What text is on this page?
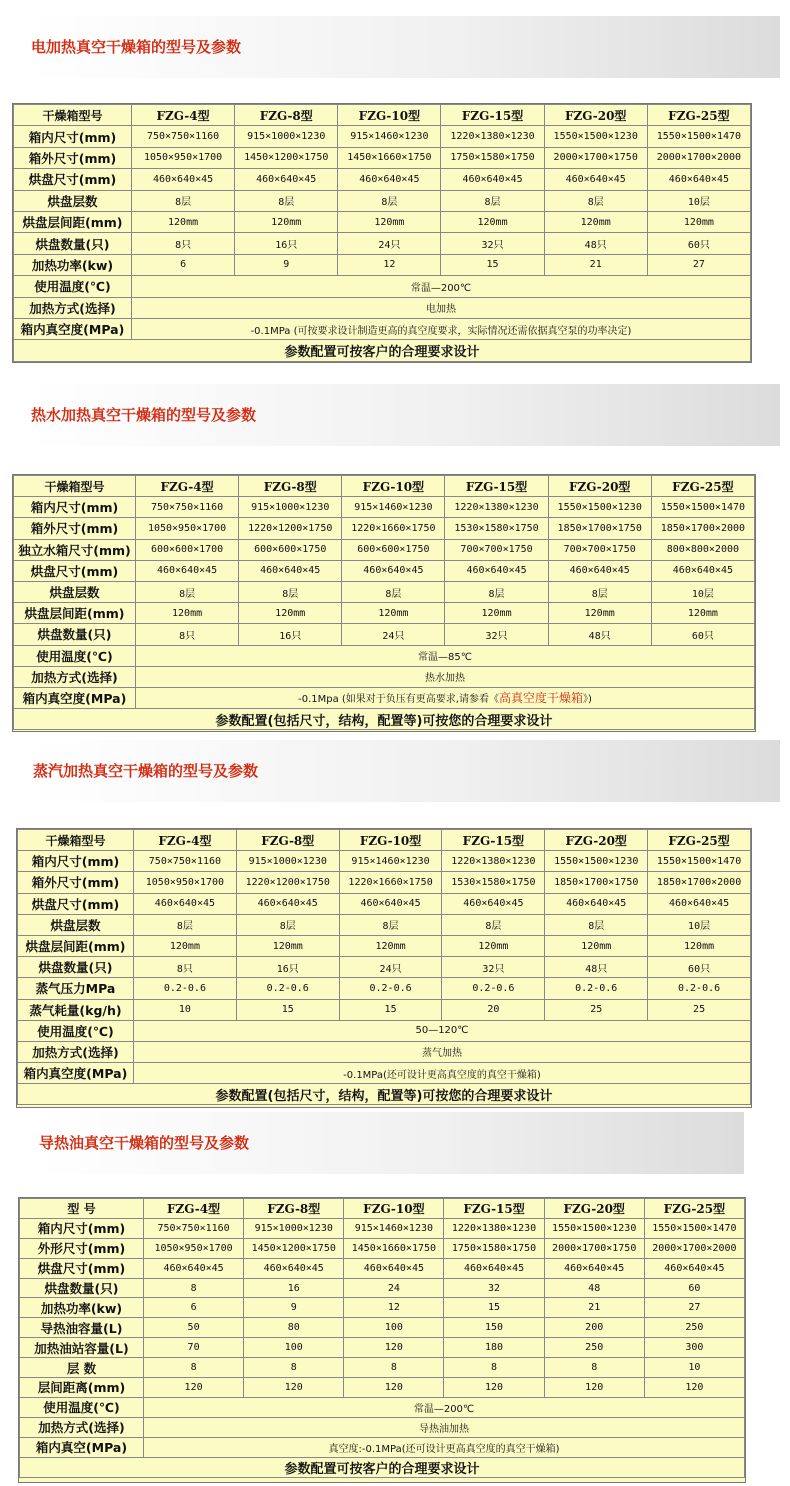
电加热真空干燥箱的型号及参数
干燥箱型号	FZG-4型	FZG-8型	FZG-10型	FZG-15型	FZG-20型	FZG-25型
箱内尺寸(mm)	750×750×1160	915×1000×1230	915×1460×1230	1220×1380×1230	1550×1500×1230	1550×1500×1470
箱外尺寸(mm)	1050×950×1700	1450×1200×1750	1450×1660×1750	1750×1580×1750	2000×1700×1750	2000×1700×2000
烘盘尺寸(mm)	460×640×45	460×640×45	460×640×45	460×640×45	460×640×45	460×640×45
烘盘层数	8层	8层	8层	8层	8层	10层
烘盘层间距(mm)	120mm	120mm	120mm	120mm	120mm	120mm
烘盘数量(只)	8只	16只	24只	32只	48只	60只
加热功率(kw)	6	9	12	15	21	27
使用温度(℃)	常温—200℃					
加热方式(选择)	电加热					
箱内真空度(MPa)	-0.1MPa (可按要求设计制造更高的真空度要求，实际情况还需依据真空泵的功率决定)					
参数配置可按客户的合理要求设计						
热水加热真空干燥箱的型号及参数
干燥箱型号	FZG-4型	FZG-8型	FZG-10型	FZG-15型	FZG-20型	FZG-25型
箱内尺寸(mm)	750×750×1160	915×1000×1230	915×1460×1230	1220×1380×1230	1550×1500×1230	1550×1500×1470
箱外尺寸(mm)	1050×950×1700	1220×1200×1750	1220×1660×1750	1530×1580×1750	1850×1700×1750	1850×1700×2000
独立水箱尺寸(mm)	600×600×1700	600×600×1750	600×600×1750	700×700×1750	700×700×1750	800×800×2000
烘盘尺寸(mm)	460×640×45	460×640×45	460×640×45	460×640×45	460×640×45	460×640×45
烘盘层数	8层	8层	8层	8层	8层	10层
烘盘层间距(mm)	120mm	120mm	120mm	120mm	120mm	120mm
烘盘数量(只)	8只	16只	24只	32只	48只	60只
使用温度(℃)	常温—85℃					
加热方式(选择)	热水加热					
箱内真空度(MPa)	-0.1Mpa (如果对于负压有更高要求,请参看《高真空度干燥箱》)					
参数配置(包括尺寸，结构，配置等)可按您的合理要求设计						
蒸汽加热真空干燥箱的型号及参数
干燥箱型号	FZG-4型	FZG-8型	FZG-10型	FZG-15型	FZG-20型	FZG-25型
箱内尺寸(mm)	750×750×1160	915×1000×1230	915×1460×1230	1220×1380×1230	1550×1500×1230	1550×1500×1470
箱外尺寸(mm)	1050×950×1700	1220×1200×1750	1220×1660×1750	1530×1580×1750	1850×1700×1750	1850×1700×2000
烘盘尺寸(mm)	460×640×45	460×640×45	460×640×45	460×640×45	460×640×45	460×640×45
烘盘层数	8层	8层	8层	8层	8层	10层
烘盘层间距(mm)	120mm	120mm	120mm	120mm	120mm	120mm
烘盘数量(只)	8只	16只	24只	32只	48只	60只
蒸气压力MPa	0.2-0.6	0.2-0.6	0.2-0.6	0.2-0.6	0.2-0.6	0.2-0.6
蒸气耗量(kg/h)	10	15	15	20	25	25
使用温度(℃)	50—120℃					
加热方式(选择)	蒸气加热					
箱内真空度(MPa)	-0.1MPa(还可设计更高真空度的真空干燥箱)					
参数配置(包括尺寸，结构，配置等)可按您的合理要求设计						
导热油真空干燥箱的型号及参数
型 号	FZG-4型	FZG-8型	FZG-10型	FZG-15型	FZG-20型	FZG-25型
箱内尺寸(mm)	750×750×1160	915×1000×1230	915×1460×1230	1220×1380×1230	1550×1500×1230	1550×1500×1470
外形尺寸(mm)	1050×950×1700	1450×1200×1750	1450×1660×1750	1750×1580×1750	2000×1700×1750	2000×1700×2000
烘盘尺寸(mm)	460×640×45	460×640×45	460×640×45	460×640×45	460×640×45	460×640×45
烘盘数量(只)	8	16	24	32	48	60
加热功率(kw)	6	9	12	15	21	27
导热油容量(L)	50	80	100	150	200	250
加热油站容量(L)	70	100	120	180	250	300
层 数	8	8	8	8	8	10
层间距离(mm)	120	120	120	120	120	120
使用温度(℃)	常温—200℃					
加热方式(选择)	导热油加热					
箱内真空(MPa)	真空度:-0.1MPa(还可设计更高真空度的真空干燥箱)					
参数配置可按客户的合理要求设计						
